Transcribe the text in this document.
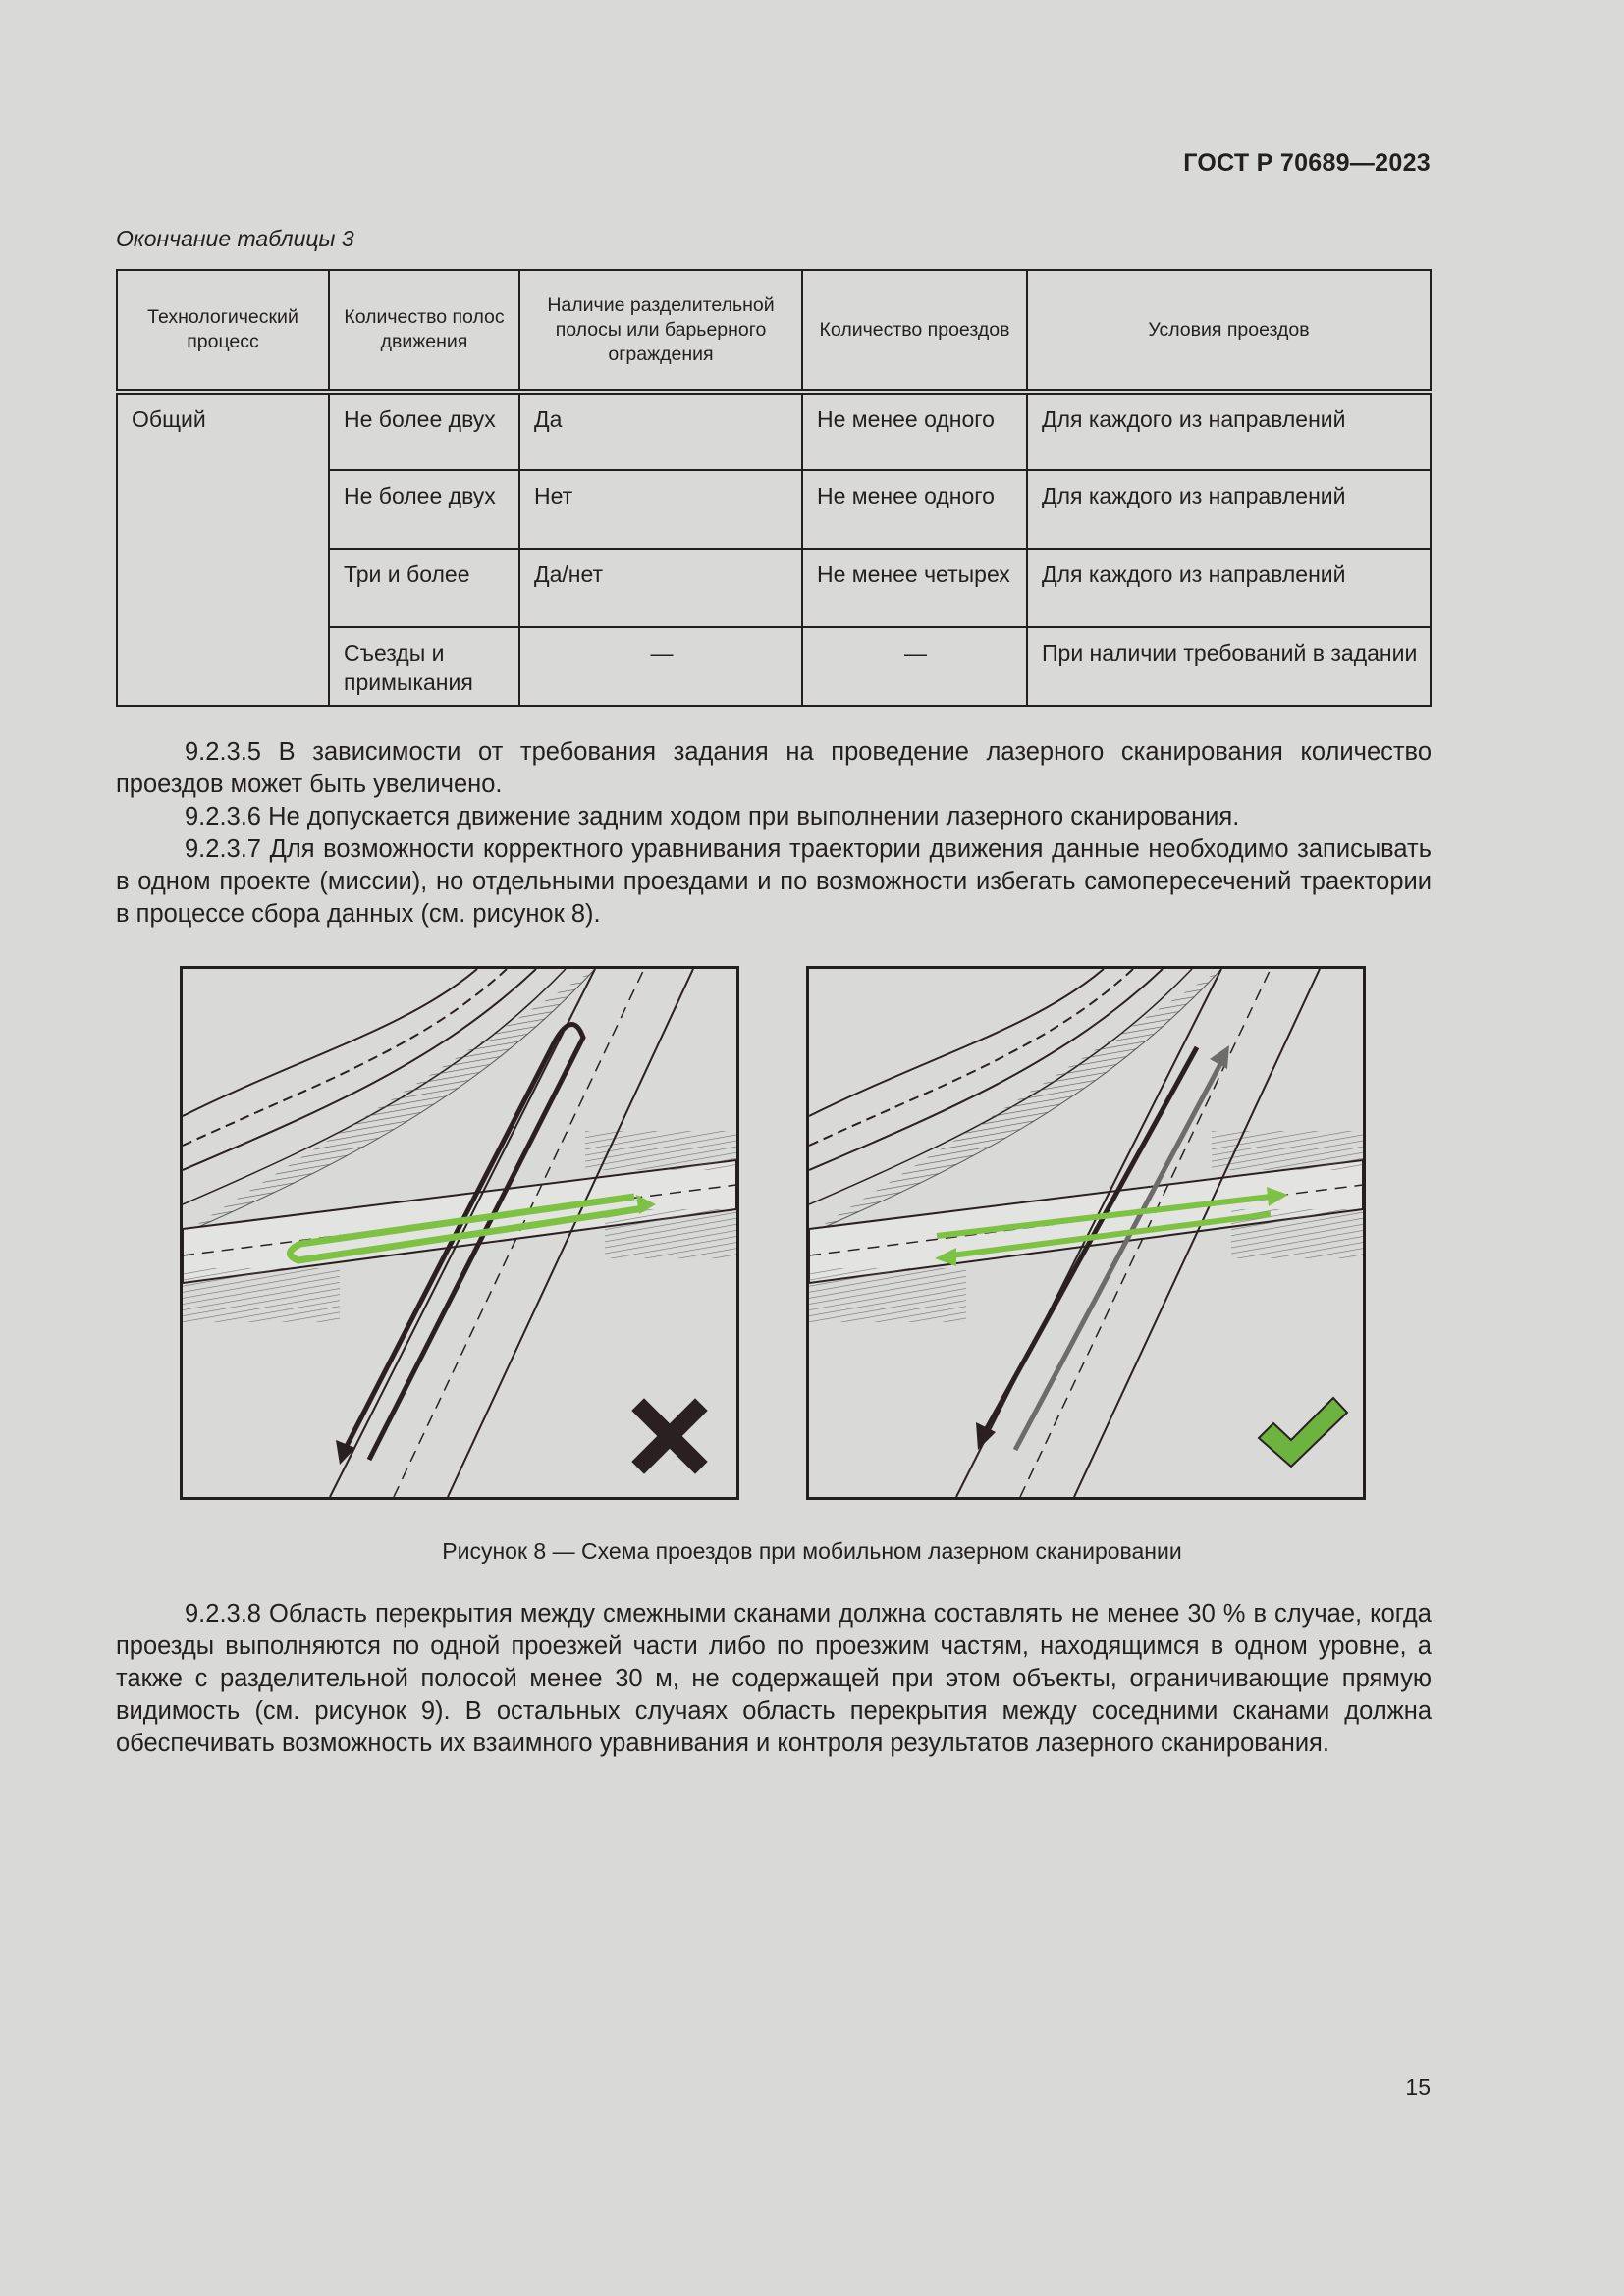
ГОСТ Р 70689—2023
Окончание таблицы 3
Технологический процесс	Количество полос движения	Наличие разделительной полосы или барьерного ограждения	Количество проездов	Условия проездов
Общий	Не более двух	Да	Не менее одного	Для каждого из направлений
	Не более двух	Нет	Не менее одного	Для каждого из направлений
	Три и более	Да/нет	Не менее четырех	Для каждого из направлений
	Съезды и примыкания	—	—	При наличии требований в задании
9.2.3.5 В зависимости от требования задания на проведение лазерного сканирования количество проездов может быть увеличено.
9.2.3.6 Не допускается движение задним ходом при выполнении лазерного сканирования.
9.2.3.7 Для возможности корректного уравнивания траектории движения данные необходимо записывать в одном проекте (миссии), но отдельными проездами и по возможности избегать самопересечений траектории в процессе сбора данных (см. рисунок 8).
Рисунок 8 — Схема проездов при мобильном лазерном сканировании
9.2.3.8 Область перекрытия между смежными сканами должна составлять не менее 30 % в случае, когда проезды выполняются по одной проезжей части либо по проезжим частям, находящимся в одном уровне, а также с разделительной полосой менее 30 м, не содержащей при этом объекты, ограничивающие прямую видимость (см. рисунок 9). В остальных случаях область перекрытия между соседними сканами должна обеспечивать возможность их взаимного уравнивания и контроля результатов лазерного сканирования.
15
